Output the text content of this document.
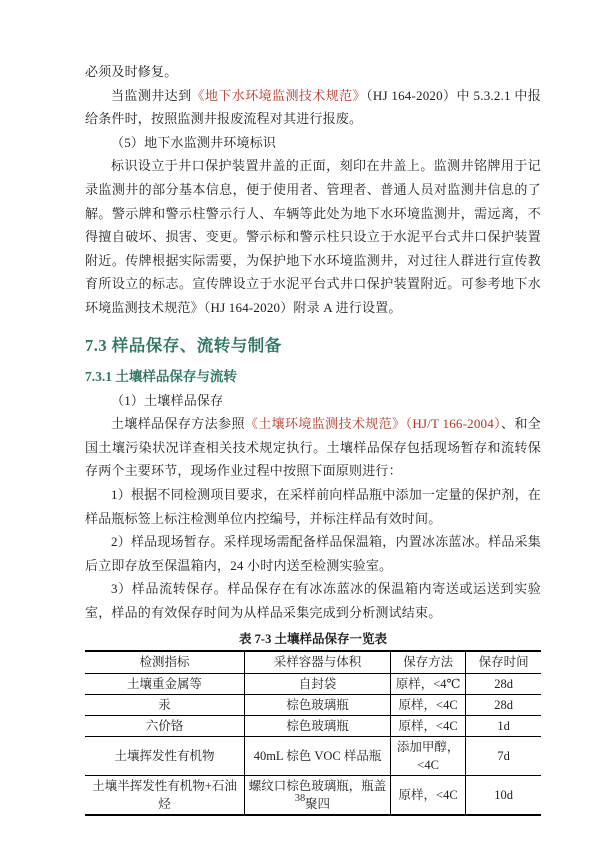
必须及时修复。

当监测井达到《地下水环境监测技术规范》（HJ 164-2020）中 5.3.2.1 中报给条件时，按照监测井报废流程对其进行报废。

（5）地下水监测井环境标识

标识设立于井口保护装置井盖的正面，刻印在井盖上。监测井铭牌用于记录监测井的部分基本信息，便于使用者、管理者、普通人员对监测井信息的了解。警示牌和警示柱警示行人、车辆等此处为地下水环境监测井，需远离，不得擅自破坏、损害、变更。警示标和警示柱只设立于水泥平台式井口保护装置附近。传牌根据实际需要，为保护地下水环境监测井，对过往人群进行宣传教育所设立的标志。宣传牌设立于水泥平台式井口保护装置附近。可参考地下水环境监测技术规范》（HJ 164-2020）附录 A 进行设置。

7.3 样品保存、流转与制备
7.3.1 土壤样品保存与流转

（1）土壤样品保存

土壤样品保存方法参照《土壤环境监测技术规范》（HJ/T 166-2004）、和全国土壤污染状况详查相关技术规定执行。土壤样品保存包括现场暂存和流转保存两个主要环节，现场作业过程中按照下面原则进行：

1）根据不同检测项目要求，在采样前向样品瓶中添加一定量的保护剂，在样品瓶标签上标注检测单位内控编号，并标注样品有效时间。

2）样品现场暂存。采样现场需配备样品保温箱，内置冰冻蓝冰。样品采集后立即存放至保温箱内，24 小时内送至检测实验室。

3）样品流转保存。样品保存在有冰冻蓝冰的保温箱内寄送或运送到实验室，样品的有效保存时间为从样品采集完成到分析测试结束。

表 7-3 土壤样品保存一览表
检测指标	采样容器与体积	保存方法	保存时间
土壤重金属等	自封袋	原样，<4℃	28d
汞	棕色玻璃瓶	原样，<4C	28d
六价铬	棕色玻璃瓶	原样，<4C	1d
土壤挥发性有机物	40mL 棕色 VOC 样品瓶	添加甲醇，<4C	7d
土壤半挥发性有机物+石油烃	螺纹口棕色玻璃瓶，瓶盖聚四	原样，<4C	10d
38
